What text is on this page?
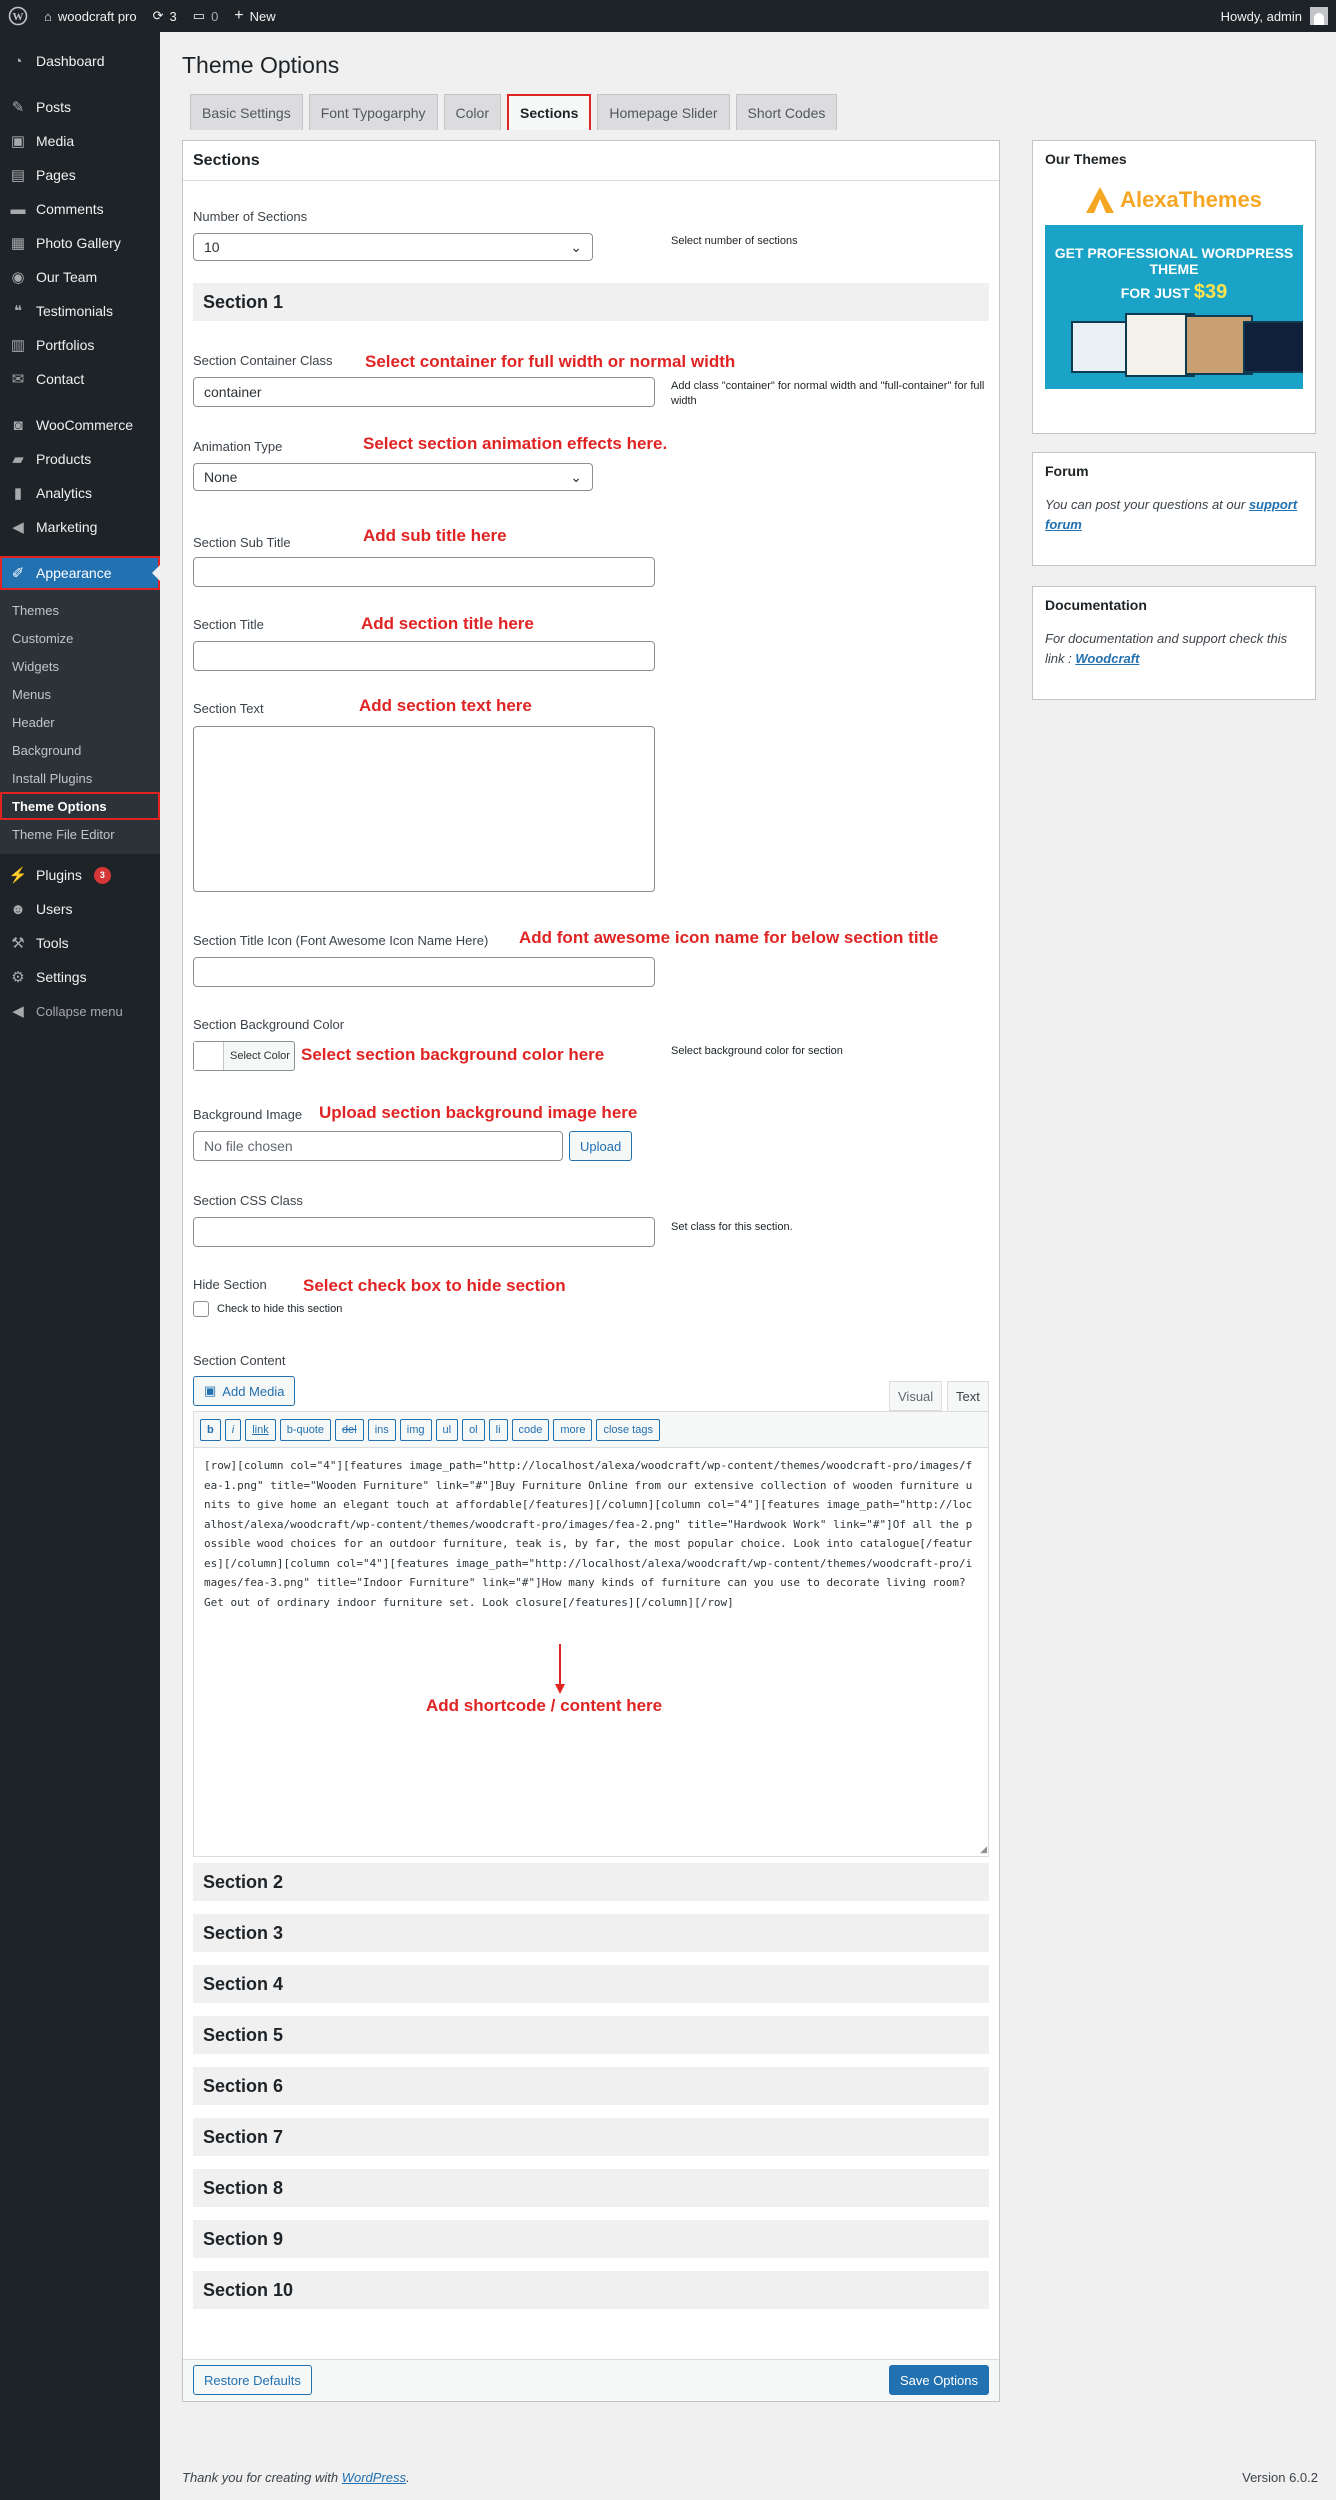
W ⌂ woodcraft pro ⟳ 3 ▭ 0 + New	Howdy, admin
◔ Dashboard
✎ Posts
▣ Media
▤ Pages
▬ Comments
▦ Photo Gallery
◉ Our Team
❝ Testimonials
▥ Portfolios
✉ Contact
◙ WooCommerce
▰ Products
▮ Analytics
◀ Marketing
✐ Appearance
Themes
Customize
Widgets
Menus
Header
Background
Install Plugins
Theme Options
Theme File Editor
⚡ Plugins	3
☻ Users
⚒ Tools
⚙ Settings
◀ Collapse menu
Theme Options
Basic Settings	Font Typogarphy	Color	Sections	Homepage Slider	Short Codes
Sections
Number of Sections
10	⌄	Select number of sections
Section 1
Section Container Class Select container for full width or normal width
container	Add class "container" for normal width and "full-container" for full width
Animation Type	Select section animation effects here.
None	⌄
Section Sub Title	Add sub title here
Section Title	Add section title here
Section Text	Add section text here
Section Title Icon (Font Awesome Icon Name Here) Add font awesome icon name for below section title
Section Background Color
Select Color Select section background color here	Select background color for section
Background Image Upload section background image here
No file chosen	Upload
Section CSS Class
Set class for this section.
Hide Section Select check box to hide section
Check to hide this section
Section Content
▣ Add Media	Visual	Text
b	i	link	b-quote	del	ins	img	ul	ol	li	code	more	close tags
[row][column col="4"][features image_path="http://localhost/alexa/woodcraft/wp-content/themes/woodcraft-pro/images/fea-1.png" title="Wooden Furniture" link="#"]Buy Furniture Online from our extensive collection of wooden furniture units to give home an elegant touch at affordable[/features][/column][column col="4"][features image_path="http://localhost/alexa/woodcraft/wp-content/themes/woodcraft-pro/images/fea-2.png" title="Hardwook Work" link="#"]Of all the possible wood choices for an outdoor furniture, teak is, by far, the most popular choice. Look into catalogue[/features][/column][column col="4"][features image_path="http://localhost/alexa/woodcraft/wp-content/themes/woodcraft-pro/images/fea-3.png" title="Indoor Furniture" link="#"]How many kinds of furniture can you use to decorate living room? Get out of ordinary indoor furniture set. Look closure[/features][/column][/row]
Add shortcode / content here
◢
Section 2
Section 3
Section 4
Section 5
Section 6
Section 7
Section 8
Section 9
Section 10
Restore Defaults	Save Options
Our Themes
AlexaThemes
GET PROFESSIONAL WORDPRESS THEME
FOR JUST $39
Forum

You can post your questions at our support forum

Documentation

For documentation and support check this link : Woodcraft

Thank you for creating with WordPress.	Version 6.0.2
